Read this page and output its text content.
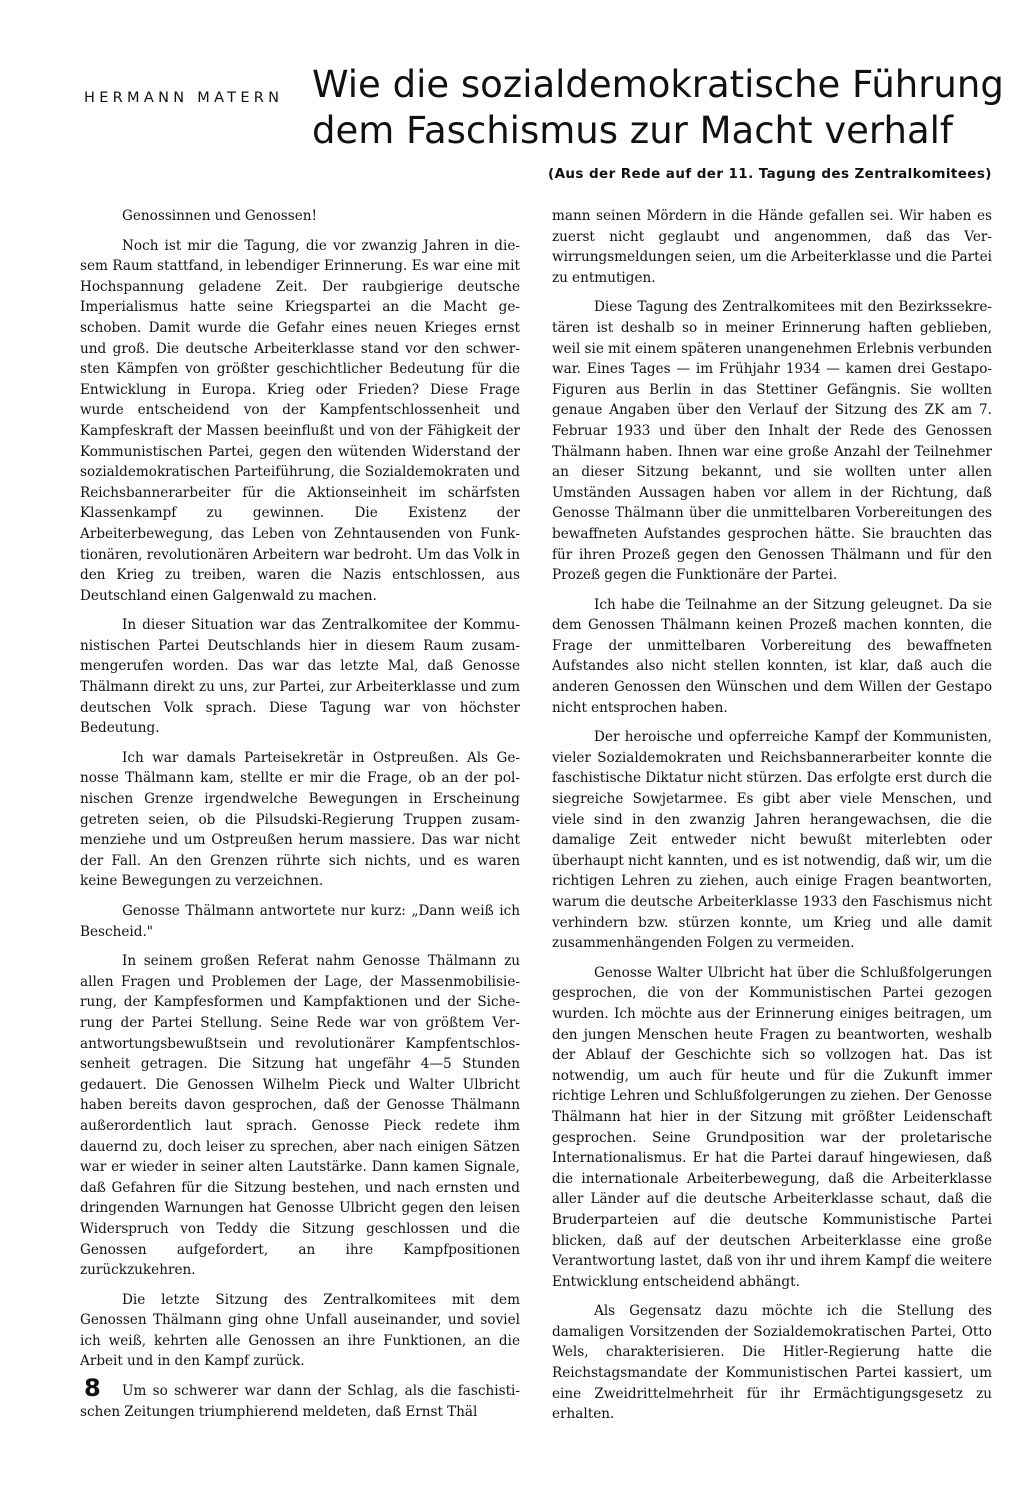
HERMANN MATERN Wie die sozialdemokratische Führung
dem Faschismus zur Macht verhalf
(Aus der Rede auf der 11. Tagung des Zentralkomitees)

Genossinnen und Genossen!

Noch ist mir die Tagung, die vor zwanzig Jahren in diesem Raum stattfand, in lebendiger Erinnerung. Es war eine mit Hochspannung geladene Zeit. Der raubgierige deutsche Imperialismus hatte seine Kriegspartei an die Macht geschoben. Damit wurde die Gefahr eines neuen Krieges ernst und groß. Die deutsche Arbeiterklasse stand vor den schwersten Kämpfen von größter geschichtlicher Bedeutung für die Entwicklung in Europa. Krieg oder Frieden? Diese Frage wurde entscheidend von der Kampfentschlossenheit und Kampfeskraft der Massen beeinflußt und von der Fähigkeit der Kommunistischen Partei, gegen den wütenden Widerstand der sozialdemokratischen Parteiführung, die Sozialdemokraten und Reichsbannerarbeiter für die Aktionseinheit im schärfsten Klassenkampf zu gewinnen. Die Existenz der Arbeiterbewegung, das Leben von Zehntausenden von Funktionären, revolutionären Arbeitern war bedroht. Um das Volk in den Krieg zu treiben, waren die Nazis entschlossen, aus Deutschland einen Galgenwald zu machen.

In dieser Situation war das Zentralkomitee der Kommunistischen Partei Deutschlands hier in diesem Raum zusammengerufen worden. Das war das letzte Mal, daß Genosse Thälmann direkt zu uns, zur Partei, zur Arbeiterklasse und zum deutschen Volk sprach. Diese Tagung war von höchster Bedeutung.

Ich war damals Parteisekretär in Ostpreußen. Als Genosse Thälmann kam, stellte er mir die Frage, ob an der polnischen Grenze irgendwelche Bewegungen in Erscheinung getreten seien, ob die Pilsudski-Regierung Truppen zusammenziehe und um Ostpreußen herum massiere. Das war nicht der Fall. An den Grenzen rührte sich nichts, und es waren keine Bewegungen zu verzeichnen.

Genosse Thälmann antwortete nur kurz: „Dann weiß ich Bescheid."

In seinem großen Referat nahm Genosse Thälmann zu allen Fragen und Problemen der Lage, der Massenmobilisierung, der Kampfesformen und Kampfaktionen und der Sicherung der Partei Stellung. Seine Rede war von größtem Verantwortungsbewußtsein und revolutionärer Kampfentschlossenheit getragen. Die Sitzung hat ungefähr 4—5 Stunden gedauert. Die Genossen Wilhelm Pieck und Walter Ulbricht haben bereits davon gesprochen, daß der Genosse Thälmann außerordentlich laut sprach. Genosse Pieck redete ihm dauernd zu, doch leiser zu sprechen, aber nach einigen Sätzen war er wieder in seiner alten Lautstärke. Dann kamen Signale, daß Gefahren für die Sitzung bestehen, und nach ernsten und dringenden Warnungen hat Genosse Ulbricht gegen den leisen Widerspruch von Teddy die Sitzung geschlossen und die Genossen aufgefordert, an ihre Kampfpositionen zurückzukehren.

Die letzte Sitzung des Zentralkomitees mit dem Genossen Thälmann ging ohne Unfall auseinander, und soviel ich weiß, kehrten alle Genossen an ihre Funktionen, an die Arbeit und in den Kampf zurück.

Um so schwerer war dann der Schlag, als die faschistischen Zeitungen triumphierend meldeten, daß Ernst Thäl

mann seinen Mördern in die Hände gefallen sei. Wir haben es zuerst nicht geglaubt und angenommen, daß das Verwirrungsmeldungen seien, um die Arbeiterklasse und die Partei zu entmutigen.

Diese Tagung des Zentralkomitees mit den Bezirkssekretären ist deshalb so in meiner Erinnerung haften geblieben, weil sie mit einem späteren unangenehmen Erlebnis verbunden war. Eines Tages — im Frühjahr 1934 — kamen drei Gestapo-Figuren aus Berlin in das Stettiner Gefängnis. Sie wollten genaue Angaben über den Verlauf der Sitzung des ZK am 7. Februar 1933 und über den Inhalt der Rede des Genossen Thälmann haben. Ihnen war eine große Anzahl der Teilnehmer an dieser Sitzung bekannt, und sie wollten unter allen Umständen Aussagen haben vor allem in der Richtung, daß Genosse Thälmann über die unmittelbaren Vorbereitungen des bewaffneten Aufstandes gesprochen hätte. Sie brauchten das für ihren Prozeß gegen den Genossen Thälmann und für den Prozeß gegen die Funktionäre der Partei.

Ich habe die Teilnahme an der Sitzung geleugnet. Da sie dem Genossen Thälmann keinen Prozeß machen konnten, die Frage der unmittelbaren Vorbereitung des bewaffneten Aufstandes also nicht stellen konnten, ist klar, daß auch die anderen Genossen den Wünschen und dem Willen der Gestapo nicht entsprochen haben.

Der heroische und opferreiche Kampf der Kommunisten, vieler Sozialdemokraten und Reichsbannerarbeiter konnte die faschistische Diktatur nicht stürzen. Das erfolgte erst durch die siegreiche Sowjetarmee. Es gibt aber viele Menschen, und viele sind in den zwanzig Jahren herangewachsen, die die damalige Zeit entweder nicht bewußt miterlebten oder überhaupt nicht kannten, und es ist notwendig, daß wir, um die richtigen Lehren zu ziehen, auch einige Fragen beantworten, warum die deutsche Arbeiterklasse 1933 den Faschismus nicht verhindern bzw. stürzen konnte, um Krieg und alle damit zusammenhängenden Folgen zu vermeiden.

Genosse Walter Ulbricht hat über die Schlußfolgerungen gesprochen, die von der Kommunistischen Partei gezogen wurden. Ich möchte aus der Erinnerung einiges beitragen, um den jungen Menschen heute Fragen zu beantworten, weshalb der Ablauf der Geschichte sich so vollzogen hat. Das ist notwendig, um auch für heute und für die Zukunft immer richtige Lehren und Schlußfolgerungen zu ziehen. Der Genosse Thälmann hat hier in der Sitzung mit größter Leidenschaft gesprochen. Seine Grundposition war der proletarische Internationalismus. Er hat die Partei darauf hingewiesen, daß die internationale Arbeiterbewegung, daß die Arbeiterklasse aller Länder auf die deutsche Arbeiterklasse schaut, daß die Bruderparteien auf die deutsche Kommunistische Partei blicken, daß auf der deutschen Arbeiterklasse eine große Verantwortung lastet, daß von ihr und ihrem Kampf die weitere Entwicklung entscheidend abhängt.

Als Gegensatz dazu möchte ich die Stellung des damaligen Vorsitzenden der Sozialdemokratischen Partei, Otto Wels, charakterisieren. Die Hitler-Regierung hatte die Reichstagsmandate der Kommunistischen Partei kassiert, um eine Zweidrittelmehrheit für ihr Ermächtigungsgesetz zu erhalten.

8
